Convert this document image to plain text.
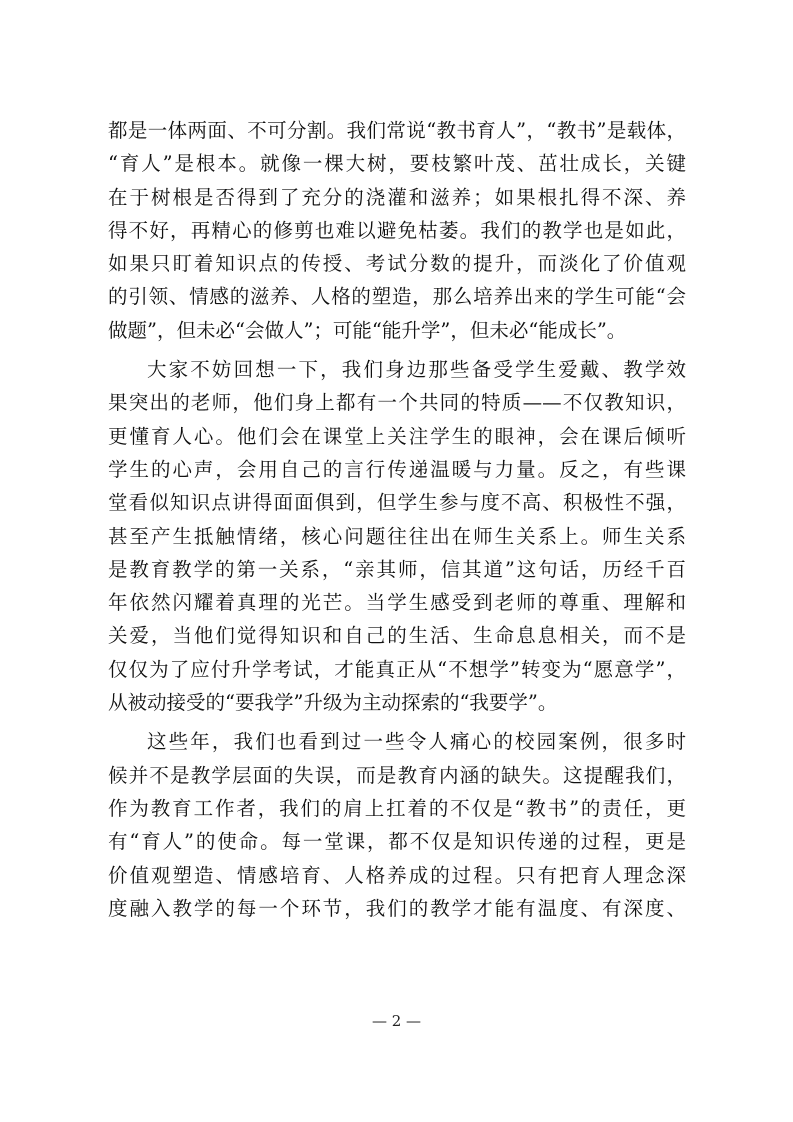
都是一体两面、不可分割。我们常说“教书育人”，“教书”是载体，
“育人”是根本。就像一棵大树，要枝繁叶茂、茁壮成长，关键
在于树根是否得到了充分的浇灌和滋养；如果根扎得不深、养
得不好，再精心的修剪也难以避免枯萎。我们的教学也是如此，
如果只盯着知识点的传授、考试分数的提升，而淡化了价值观
的引领、情感的滋养、人格的塑造，那么培养出来的学生可能“会
做题”，但未必“会做人”；可能“能升学”，但未必“能成长”。

大家不妨回想一下，我们身边那些备受学生爱戴、教学效
果突出的老师，他们身上都有一个共同的特质——不仅教知识，
更懂育人心。他们会在课堂上关注学生的眼神，会在课后倾听
学生的心声，会用自己的言行传递温暖与力量。反之，有些课
堂看似知识点讲得面面俱到，但学生参与度不高、积极性不强，
甚至产生抵触情绪，核心问题往往出在师生关系上。师生关系
是教育教学的第一关系，“亲其师，信其道”这句话，历经千百
年依然闪耀着真理的光芒。当学生感受到老师的尊重、理解和
关爱，当他们觉得知识和自己的生活、生命息息相关，而不是
仅仅为了应付升学考试，才能真正从“不想学”转变为“愿意学”，
从被动接受的“要我学”升级为主动探索的“我要学”。

这些年，我们也看到过一些令人痛心的校园案例，很多时
候并不是教学层面的失误，而是教育内涵的缺失。这提醒我们，
作为教育工作者，我们的肩上扛着的不仅是“教书”的责任，更
有“育人”的使命。每一堂课，都不仅是知识传递的过程，更是
价值观塑造、情感培育、人格养成的过程。只有把育人理念深
度融入教学的每一个环节，我们的教学才能有温度、有深度、

— 2 —
